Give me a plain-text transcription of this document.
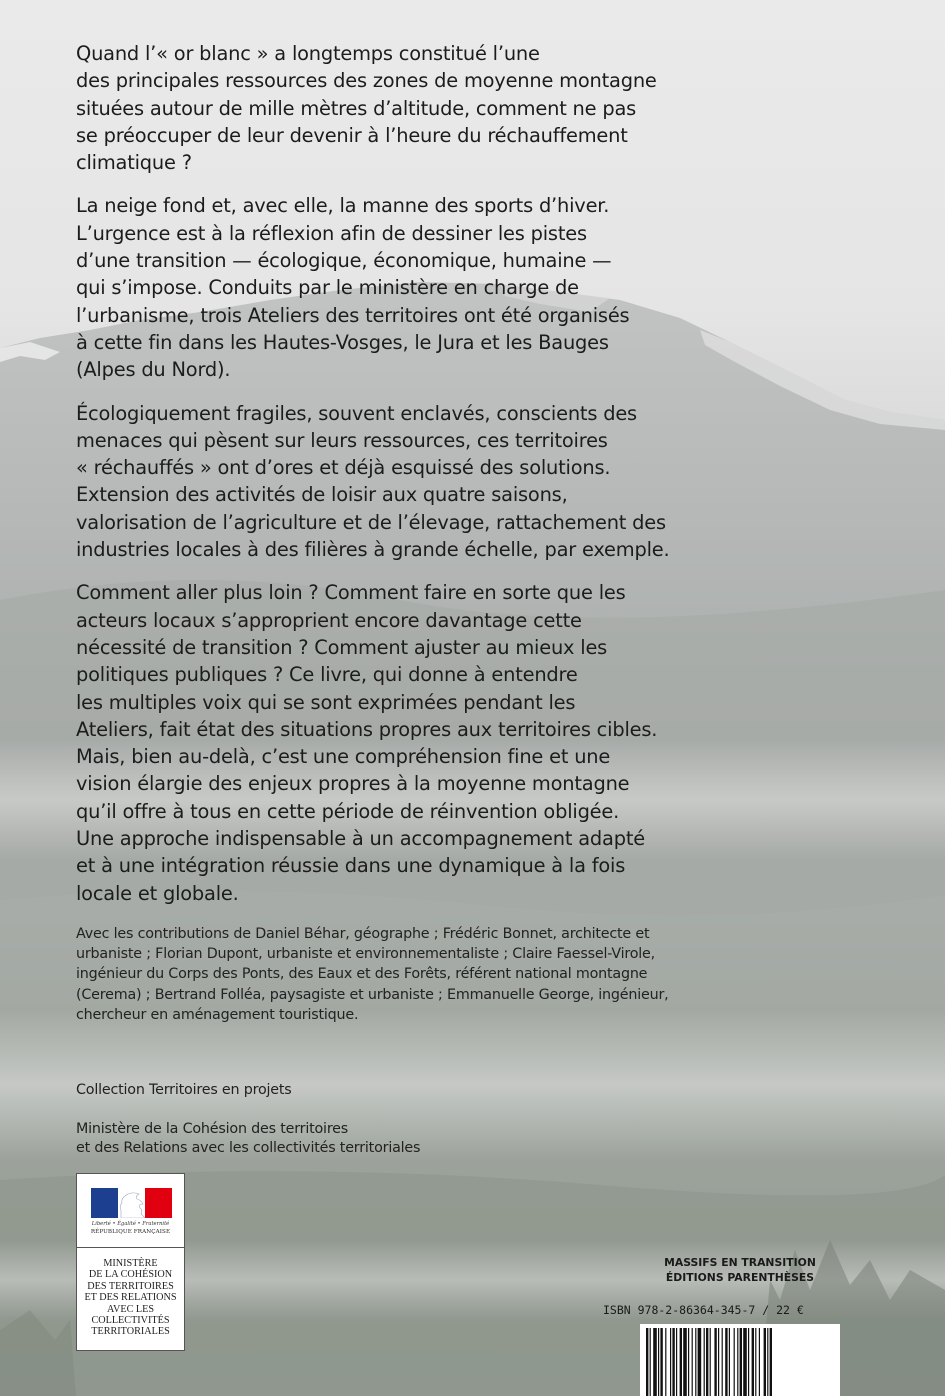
Quand l’« or blanc » a longtemps constitué l’une
des principales ressources des zones de moyenne montagne
situées autour de mille mètres d’altitude, comment ne pas
se préoccuper de leur devenir à l’heure du réchauffement
climatique ?

La neige fond et, avec elle, la manne des sports d’hiver.
L’urgence est à la réflexion afin de dessiner les pistes
d’une transition — écologique, économique, humaine —
qui s’impose. Conduits par le ministère en charge de
l’urbanisme, trois Ateliers des territoires ont été organisés
à cette fin dans les Hautes-Vosges, le Jura et les Bauges
(Alpes du Nord).

Écologiquement fragiles, souvent enclavés, conscients des
menaces qui pèsent sur leurs ressources, ces territoires
« réchauffés » ont d’ores et déjà esquissé des solutions.
Extension des activités de loisir aux quatre saisons,
valorisation de l’agriculture et de l’élevage, rattachement des
industries locales à des filières à grande échelle, par exemple.

Comment aller plus loin ? Comment faire en sorte que les
acteurs locaux s’approprient encore davantage cette
nécessité de transition ? Comment ajuster au mieux les
politiques publiques ? Ce livre, qui donne à entendre
les multiples voix qui se sont exprimées pendant les
Ateliers, fait état des situations propres aux territoires cibles.
Mais, bien au-delà, c’est une compréhension fine et une
vision élargie des enjeux propres à la moyenne montagne
qu’il offre à tous en cette période de réinvention obligée.
Une approche indispensable à un accompagnement adapté
et à une intégration réussie dans une dynamique à la fois
locale et globale.

Avec les contributions de Daniel Béhar, géographe ; Frédéric Bonnet, architecte et
urbaniste ; Florian Dupont, urbaniste et environnementaliste ; Claire Faessel-Virole,
ingénieur du Corps des Ponts, des Eaux et des Forêts, référent national montagne
(Cerema) ; Bertrand Folléa, paysagiste et urbaniste ; Emmanuelle George, ingénieur,
chercheur en aménagement touristique.
Collection Territoires en projets
Ministère de la Cohésion des territoires
et des Relations avec les collectivités territoriales
Liberté • Égalité • Fraternité
RÉPUBLIQUE FRANÇAISE
MINISTÈRE
DE LA COHÉSION
DES TERRITOIRES
ET DES RELATIONS
AVEC LES
COLLECTIVITÉS
TERRITORIALES
MASSIFS EN TRANSITION
ÉDITIONS PARENTHÈSES
ISBN 978-2-86364-345-7 / 22 €
